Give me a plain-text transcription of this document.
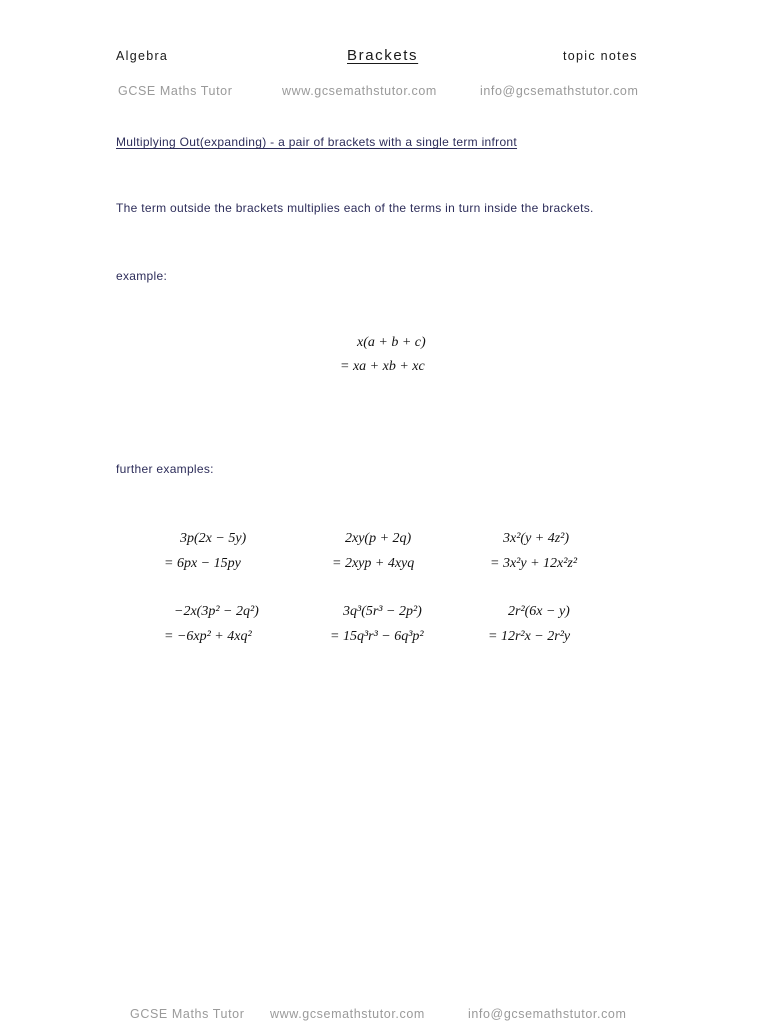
Algebra	Brackets	topic notes
GCSE Maths Tutor	www.gcsemathstutor.com	info@gcsemathstutor.com
Multiplying Out(expanding) - a pair of brackets with a single term infront
The term outside the brackets multiplies each of the terms in turn inside the brackets.
example:
x(a + b + c)
= xa + xb + xc
further examples:
3p(2x − 5y)
= 6px − 15py
2xy(p + 2q)
= 2xyp + 4xyq
3x²(y + 4z²)
= 3x²y + 12x²z²
−2x(3p² − 2q²)
= −6xp² + 4xq²
3q³(5r³ − 2p²)
= 15q³r³ − 6q³p²
2r²(6x − y)
= 12r²x − 2r²y
GCSE Maths Tutor www.gcsemathstutor.com	info@gcsemathstutor.com
